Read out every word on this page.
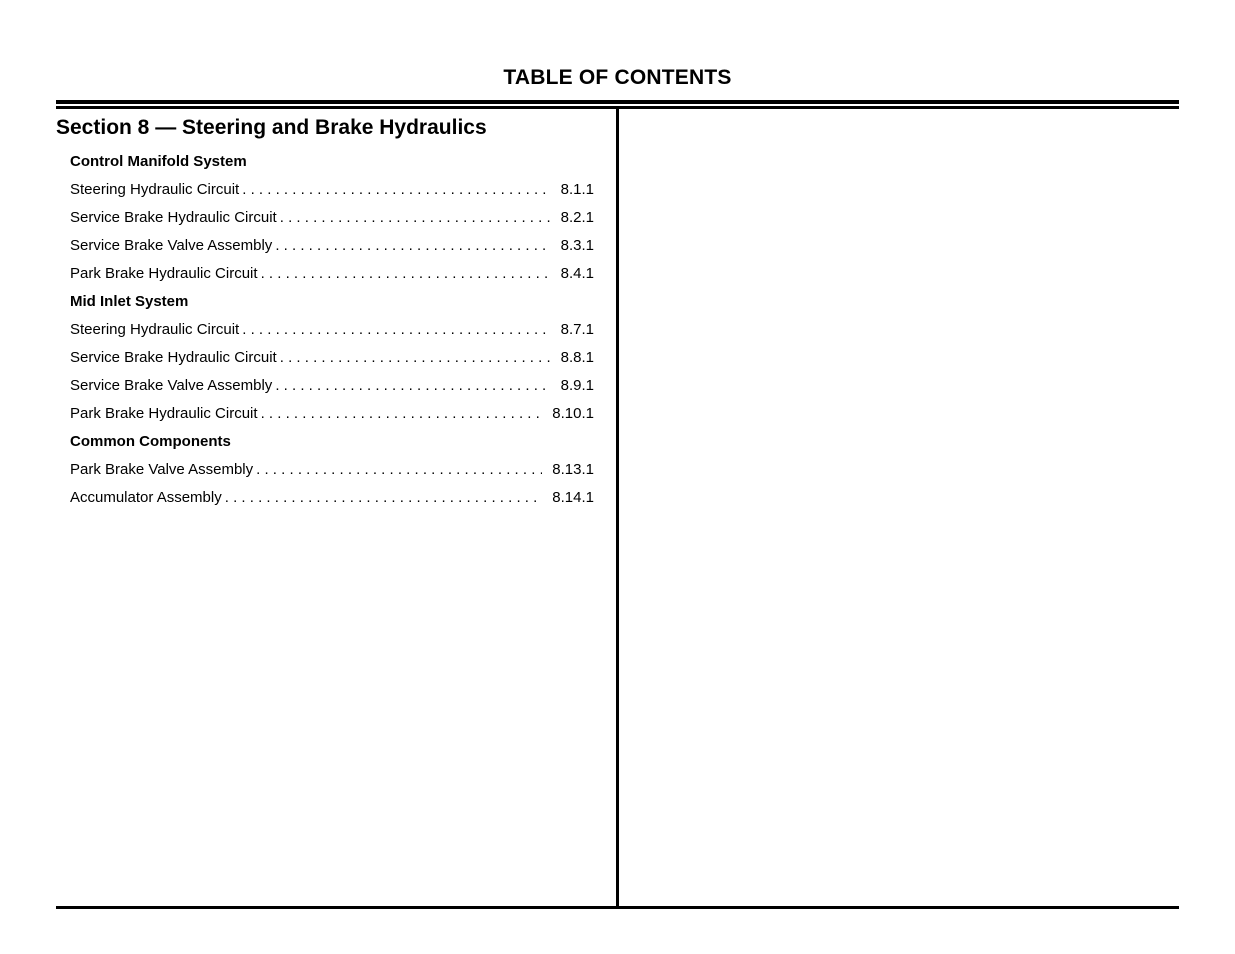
TABLE OF CONTENTS
Section 8 — Steering and Brake Hydraulics
Control Manifold System
Steering Hydraulic Circuit . . .	8.1.1
Service Brake Hydraulic Circuit . . .	8.2.1
Service Brake Valve Assembly . . .	8.3.1
Park Brake Hydraulic Circuit . . .	8.4.1
Mid Inlet System
Steering Hydraulic Circuit . . .	8.7.1
Service Brake Hydraulic Circuit . . .	8.8.1
Service Brake Valve Assembly . . .	8.9.1
Park Brake Hydraulic Circuit . . .	8.10.1
Common Components
Park Brake Valve Assembly . . .	8.13.1
Accumulator Assembly . . .	8.14.1
